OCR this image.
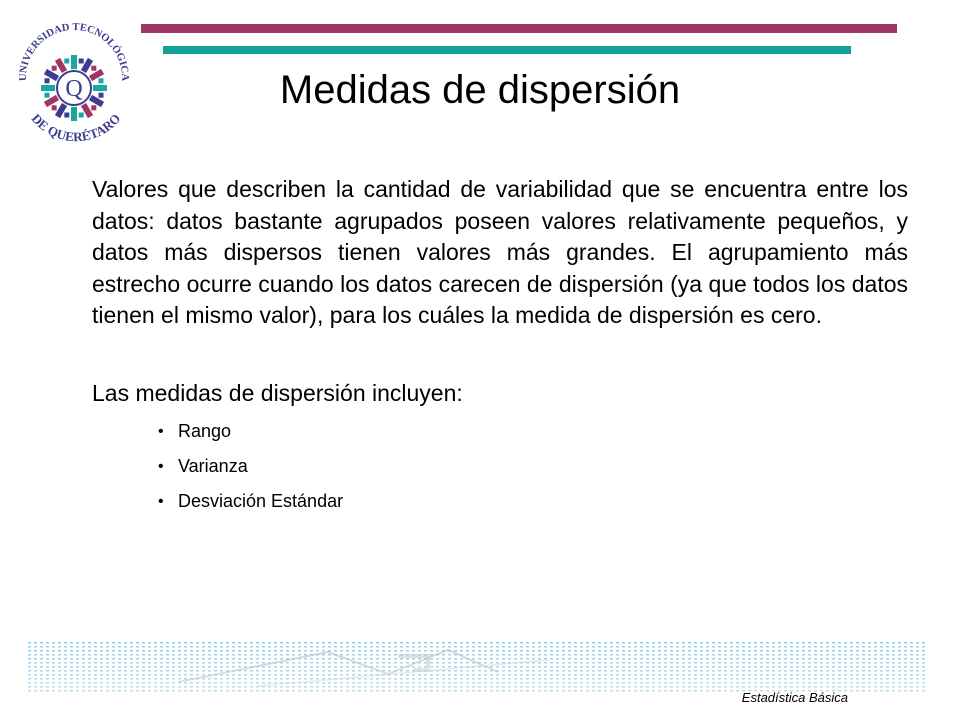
UNIVERSIDAD TECNOLÓGICA
Q
DE QUERÉTARO
Medidas de dispersión

Valores que describen la cantidad de variabilidad que se encuentra entre los datos: datos bastante agrupados poseen valores relativamente pequeños, y datos más dispersos tienen valores más grandes. El agrupamiento más estrecho ocurre cuando los datos carecen de dispersión (ya que todos los datos tienen el mismo valor), para los cuáles la medida de dispersión es cero.

Las medidas de dispersión incluyen:

• Rango
• Varianza
• Desviación Estándar
Estadística Básica
